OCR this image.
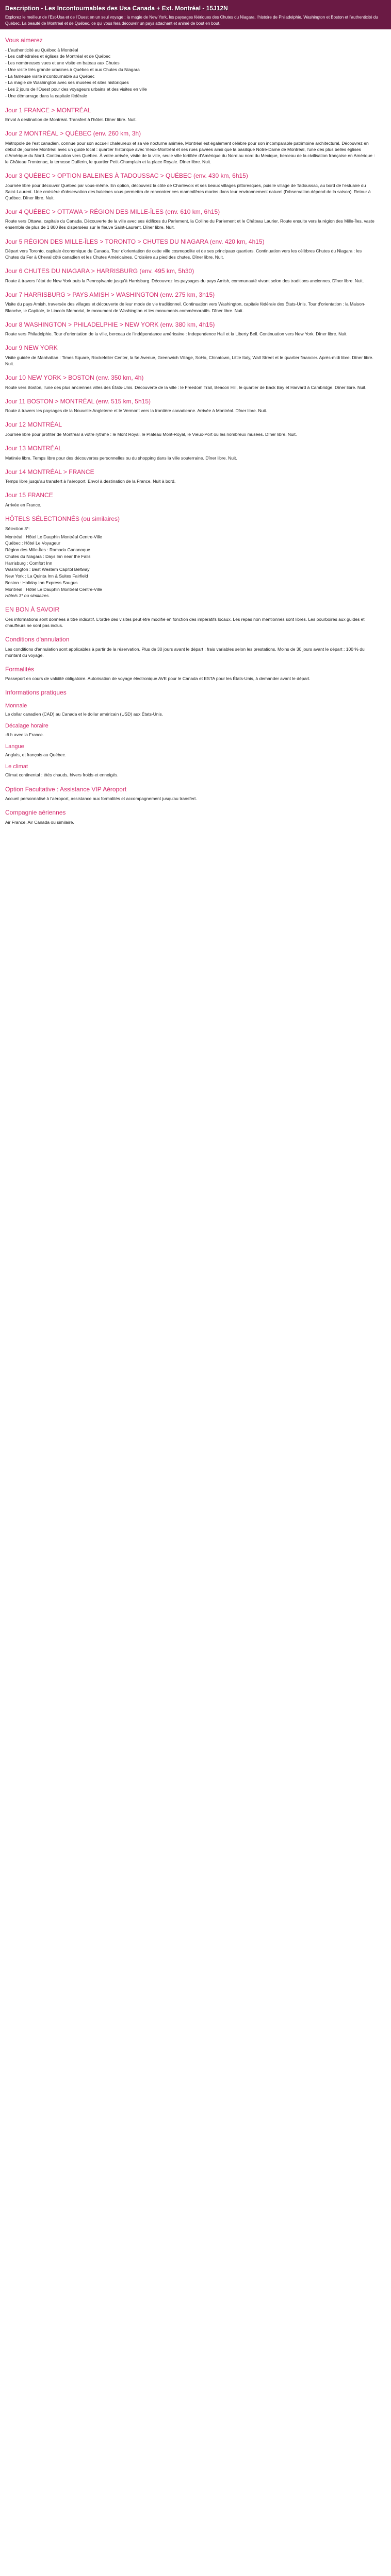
Description - Les Incontournables des Usa Canada + Ext. Montréal - 15J12N

Explorez le meilleur de l'Est-Usa et de l'Ouest en un seul voyage : la magie de New York, les paysages féériques des Chutes du Niagara, l'histoire de Philadelphie, Washington et Boston et l'authenticité du Québec. La beauté de Montréal et de Québec, ce qui vous fera découvrir un pays attachant et animé de bout en bout.

Vous aimerez
- L'authenticité au Québec à Montréal
- Les cathédrales et églises de Montréal et de Québec
- Les nombreuses vues et une visite en bateau aux Chutes
- Une visite très grande urbaines à Québec et aux Chutes du Niagara
- La fameuse visite incontournable au Québec
- La magie de Washington avec ses musées et sites historiques
- Les 2 jours de l'Ouest pour des voyageurs urbains et des visites en ville
- Une démarrage dans la capitale fédérale
Jour 1 FRANCE > MONTRÉAL

Envol à destination de Montréal. Transfert à l'hôtel. Dîner libre. Nuit.

Jour 2 MONTRÉAL > QUÉBEC (env. 260 km, 3h)

Métropole de l'est canadien, connue pour son accueil chaleureux et sa vie nocturne animée, Montréal est également célèbre pour son incomparable patrimoine architectural. Découvrez en début de journée Montréal avec un guide local : quartier historique avec Vieux-Montréal et ses rues pavées ainsi que la basilique Notre-Dame de Montréal, l'une des plus belles églises d'Amérique du Nord. Continuation vers Québec. À votre arrivée, visite de la ville, seule ville fortifiée d'Amérique du Nord au nord du Mexique, berceau de la civilisation française en Amérique : le Château Frontenac, la terrasse Dufferin, le quartier Petit-Champlain et la place Royale. Dîner libre. Nuit.

Jour 3 QUÉBEC > OPTION BALEINES À TADOUSSAC > QUÉBEC (env. 430 km, 6h15)

Journée libre pour découvrir Québec par vous-même. En option, découvrez la côte de Charlevoix et ses beaux villages pittoresques, puis le village de Tadoussac, au bord de l'estuaire du Saint-Laurent. Une croisière d'observation des baleines vous permettra de rencontrer ces mammifères marins dans leur environnement naturel (l'observation dépend de la saison). Retour à Québec. Dîner libre. Nuit.

Jour 4 QUÉBEC > OTTAWA > RÉGION DES MILLE-ÎLES (env. 610 km, 6h15)

Route vers Ottawa, capitale du Canada. Découverte de la ville avec ses édifices du Parlement, la Colline du Parlement et le Château Laurier. Route ensuite vers la région des Mille-Îles, vaste ensemble de plus de 1 800 îles dispersées sur le fleuve Saint-Laurent. Dîner libre. Nuit.

Jour 5 RÉGION DES MILLE-ÎLES > TORONTO > CHUTES DU NIAGARA (env. 420 km, 4h15)

Départ vers Toronto, capitale économique du Canada. Tour d'orientation de cette ville cosmopolite et de ses principaux quartiers. Continuation vers les célèbres Chutes du Niagara : les Chutes du Fer à Cheval côté canadien et les Chutes Américaines. Croisière au pied des chutes. Dîner libre. Nuit.

Jour 6 CHUTES DU NIAGARA > HARRISBURG (env. 495 km, 5h30)

Route à travers l'état de New York puis la Pennsylvanie jusqu'à Harrisburg. Découvrez les paysages du pays Amish, communauté vivant selon des traditions anciennes. Dîner libre. Nuit.

Jour 7 HARRISBURG > PAYS AMISH > WASHINGTON (env. 275 km, 3h15)

Visite du pays Amish, traversée des villages et découverte de leur mode de vie traditionnel. Continuation vers Washington, capitale fédérale des États-Unis. Tour d'orientation : la Maison-Blanche, le Capitole, le Lincoln Memorial, le monument de Washington et les monuments commémoratifs. Dîner libre. Nuit.

Jour 8 WASHINGTON > PHILADELPHIE > NEW YORK (env. 380 km, 4h15)

Route vers Philadelphie. Tour d'orientation de la ville, berceau de l'indépendance américaine : Independence Hall et la Liberty Bell. Continuation vers New York. Dîner libre. Nuit.

Jour 9 NEW YORK

Visite guidée de Manhattan : Times Square, Rockefeller Center, la 5e Avenue, Greenwich Village, SoHo, Chinatown, Little Italy, Wall Street et le quartier financier. Après-midi libre. Dîner libre. Nuit.

Jour 10 NEW YORK > BOSTON (env. 350 km, 4h)

Route vers Boston, l'une des plus anciennes villes des États-Unis. Découverte de la ville : le Freedom Trail, Beacon Hill, le quartier de Back Bay et Harvard à Cambridge. Dîner libre. Nuit.

Jour 11 BOSTON > MONTRÉAL (env. 515 km, 5h15)

Route à travers les paysages de la Nouvelle-Angleterre et le Vermont vers la frontière canadienne. Arrivée à Montréal. Dîner libre. Nuit.

Jour 12 MONTRÉAL

Journée libre pour profiter de Montréal à votre rythme : le Mont Royal, le Plateau Mont-Royal, le Vieux-Port ou les nombreux musées. Dîner libre. Nuit.

Jour 13 MONTRÉAL

Matinée libre. Temps libre pour des découvertes personnelles ou du shopping dans la ville souterraine. Dîner libre. Nuit.

Jour 14 MONTRÉAL > FRANCE

Temps libre jusqu'au transfert à l'aéroport. Envol à destination de la France. Nuit à bord.

Jour 15 FRANCE

Arrivée en France.

HÔTELS SÉLECTIONNÉS (ou similaires)

Sélection 3*:

Montréal : Hôtel Le Dauphin Montréal Centre-Ville
Québec : Hôtel Le Voyageur
Région des Mille-Îles : Ramada Gananoque
Chutes du Niagara : Days Inn near the Falls
Harrisburg : Comfort Inn
Washington : Best Western Capitol Beltway
New York : La Quinta Inn & Suites Fairfield
Boston : Holiday Inn Express Saugus
Montréal : Hôtel Le Dauphin Montréal Centre-Ville

Hôtels 3* ou similaires.

EN BON À SAVOIR

Ces informations sont données à titre indicatif. L'ordre des visites peut être modifié en fonction des impératifs locaux. Les repas non mentionnés sont libres. Les pourboires aux guides et chauffeurs ne sont pas inclus.

Conditions d'annulation

Les conditions d'annulation sont applicables à partir de la réservation. Plus de 30 jours avant le départ : frais variables selon les prestations. Moins de 30 jours avant le départ : 100 % du montant du voyage.

Formalités

Passeport en cours de validité obligatoire. Autorisation de voyage électronique AVE pour le Canada et ESTA pour les États-Unis, à demander avant le départ.

Informations pratiques
Monnaie

Le dollar canadien (CAD) au Canada et le dollar américain (USD) aux États-Unis.

Décalage horaire

-6 h avec la France.

Langue

Anglais, et français au Québec.

Le climat

Climat continental : étés chauds, hivers froids et enneigés.

Option Facultative : Assistance VIP Aéroport

Accueil personnalisé à l'aéroport, assistance aux formalités et accompagnement jusqu'au transfert.

Compagnie aériennes

Air France, Air Canada ou similaire.
